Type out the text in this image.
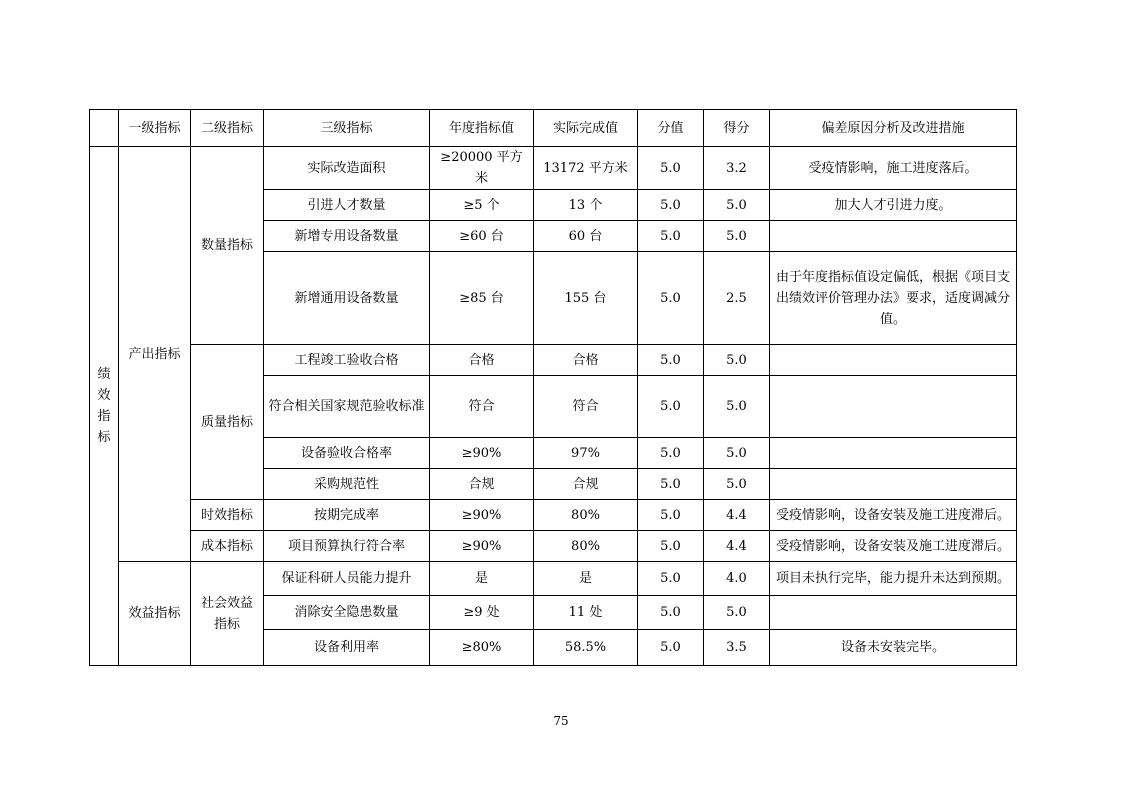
	一级指标	二级指标	三级指标	年度指标值	实际完成值	分值	得分	偏差原因分析及改进措施

绩
效
指
标	产出指标	数量指标	实际改造面积	≥20000 平方米	13172 平方米	5.0	3.2	受疫情影响，施工进度落后。
			引进人才数量	≥5 个	13 个	5.0	5.0	加大人才引进力度。
			新增专用设备数量	≥60 台	60 台	5.0	5.0	
			新增通用设备数量	≥85 台	155 台	5.0	2.5	由于年度指标值设定偏低，根据《项目支出绩效评价管理办法》要求，适度调减分值。
		质量指标	工程竣工验收合格	合格	合格	5.0	5.0	
			符合相关国家规范验收标准	符合	符合	5.0	5.0	
			设备验收合格率	≥90%	97%	5.0	5.0	
			采购规范性	合规	合规	5.0	5.0	
		时效指标	按期完成率	≥90%	80%	5.0	4.4	受疫情影响，设备安装及施工进度滞后。
		成本指标	项目预算执行符合率	≥90%	80%	5.0	4.4	受疫情影响，设备安装及施工进度滞后。
	效益指标	社会效益指标	保证科研人员能力提升	是	是	5.0	4.0	项目未执行完毕，能力提升未达到预期。
			消除安全隐患数量	≥9 处	11 处	5.0	5.0	
			设备利用率	≥80%	58.5%	5.0	3.5	设备未安装完毕。
75
